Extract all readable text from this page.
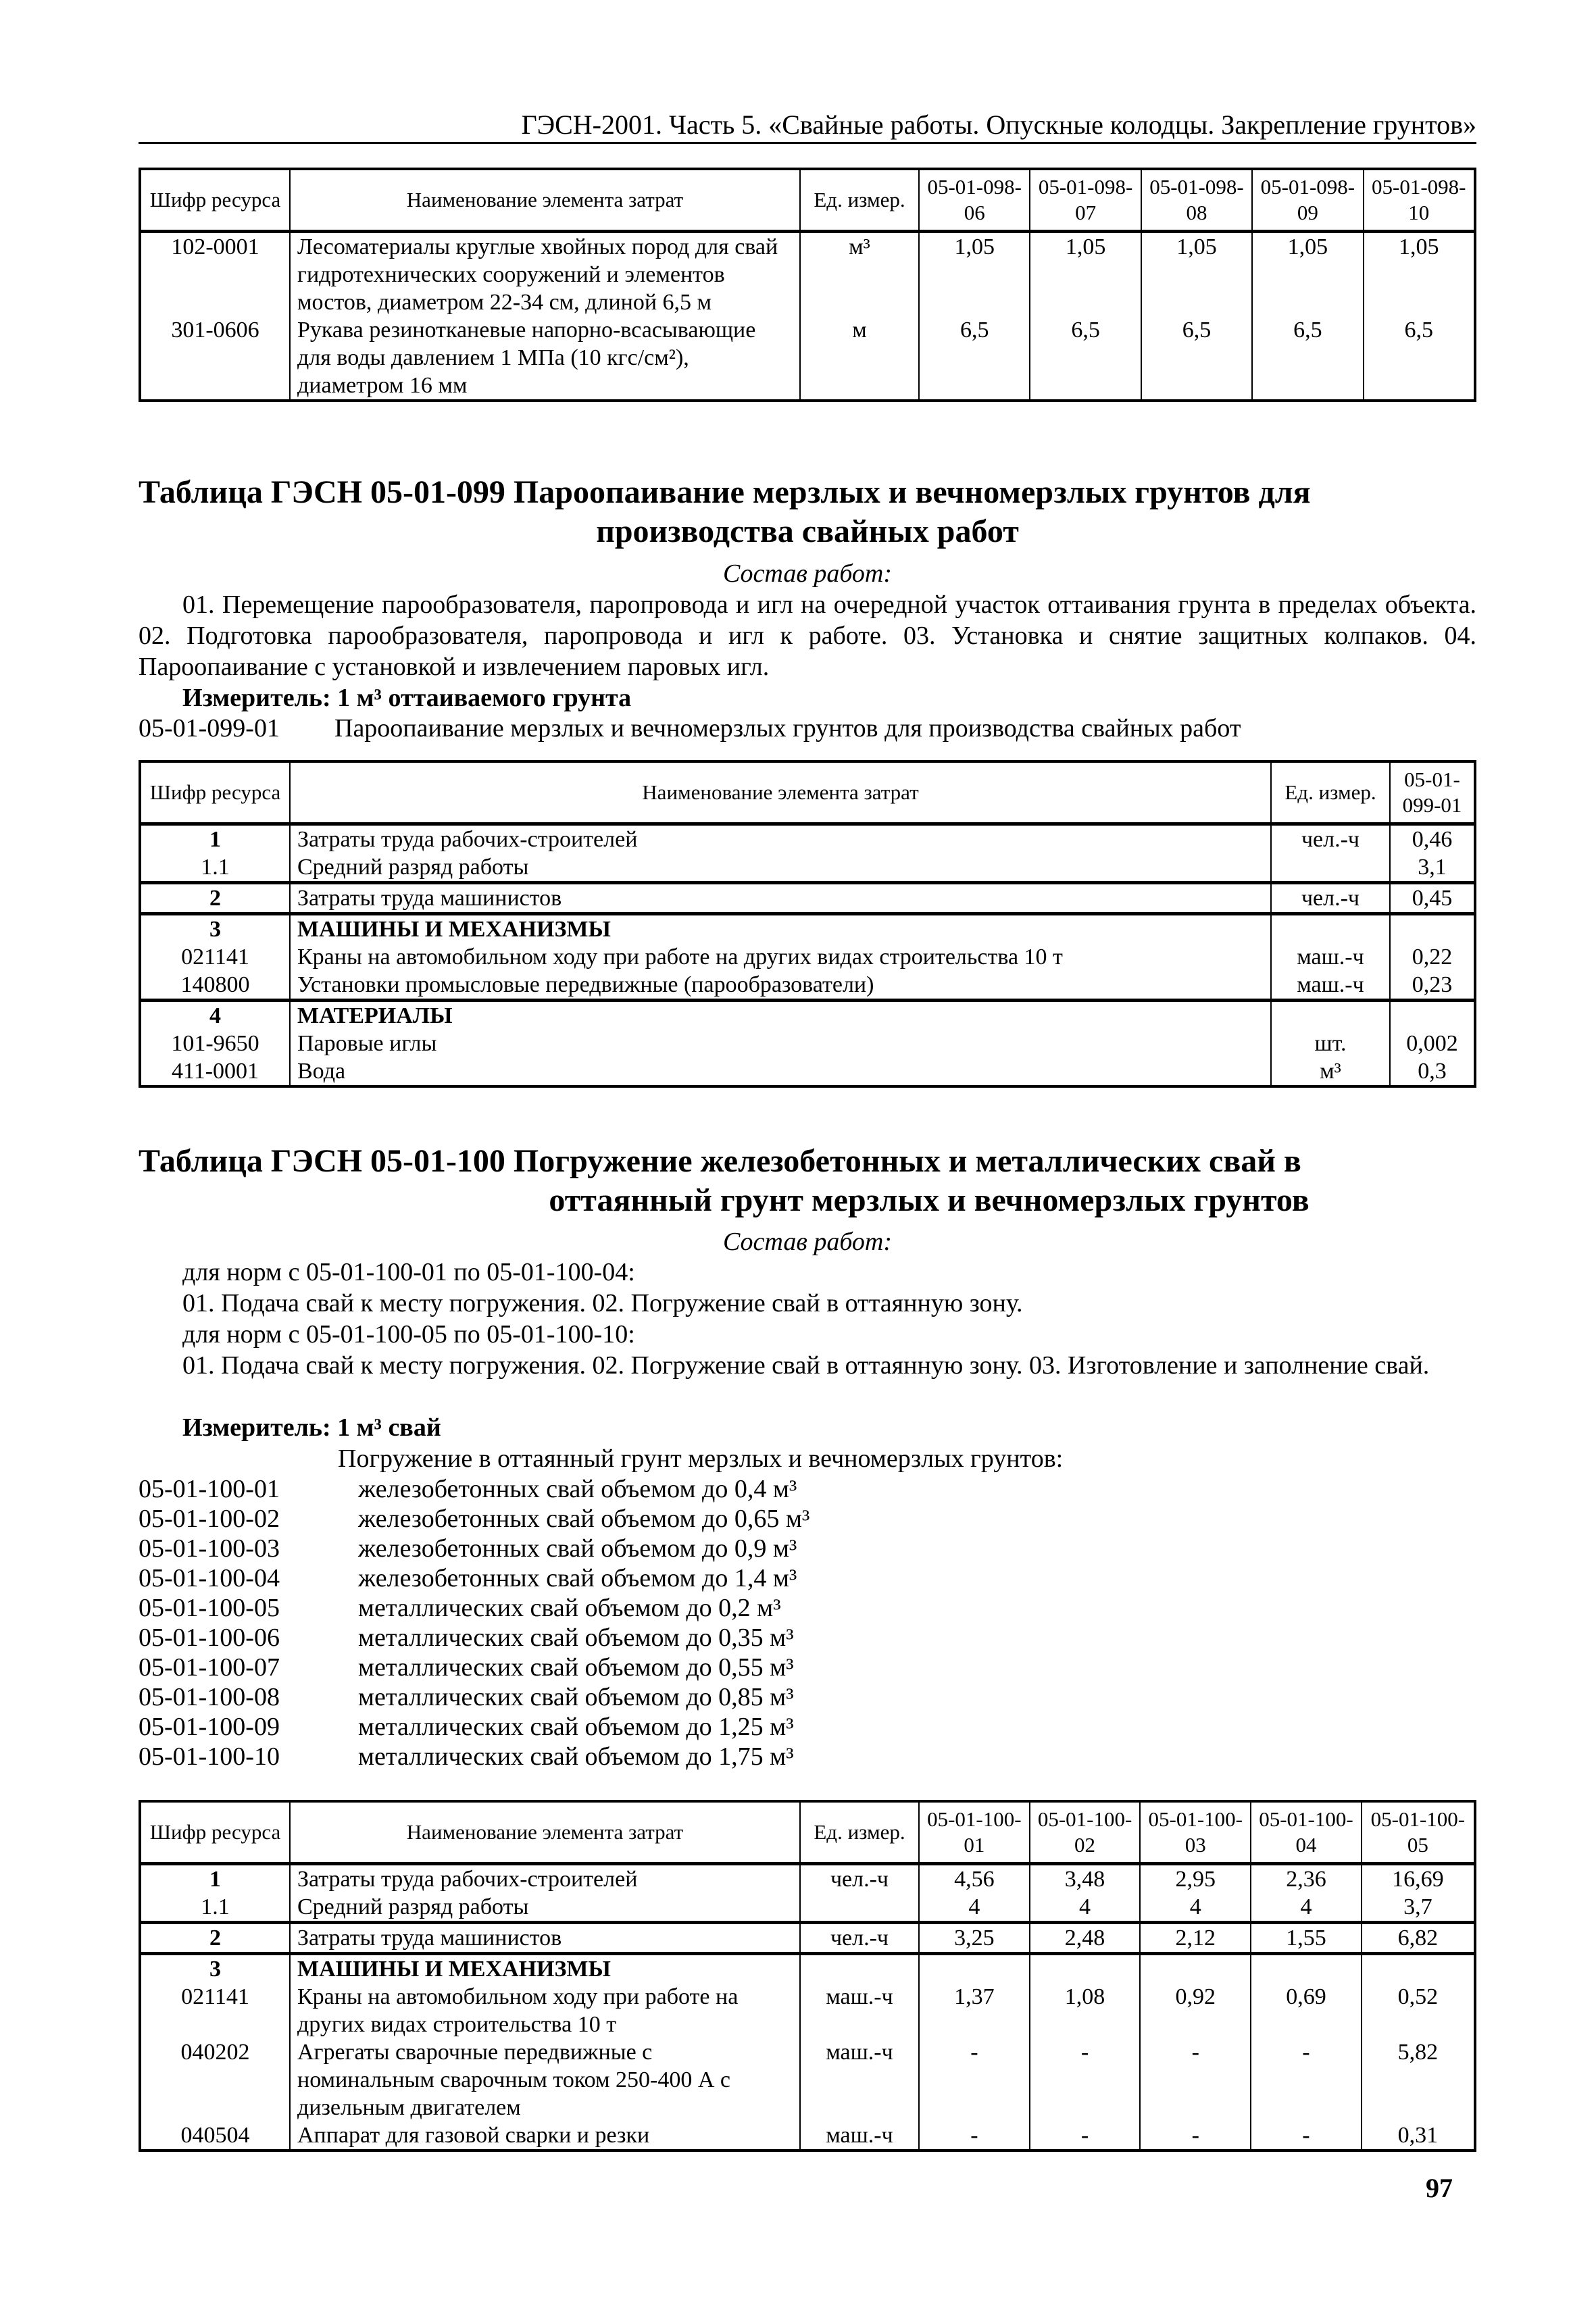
ГЭСН-2001. Часть 5. «Свайные работы. Опускные колодцы. Закрепление грунтов»
Шифр ресурса	Наименование элемента затрат	Ед. измер.	05-01-098-06	05-01-098-07	05-01-098-08	05-01-098-09	05-01-098-10
102-0001	Лесоматериалы круглые хвойных пород для свай гидротехнических сооружений и элементов мостов, диаметром 22-34 см, длиной 6,5 м	м³	1,05	1,05	1,05	1,05	1,05
301-0606	Рукава резинотканевые напорно-всасывающие для воды давлением 1 МПа (10 кгс/см²), диаметром 16 мм	м	6,5	6,5	6,5	6,5	6,5
Таблица ГЭСН 05-01-099 Пароопаивание мерзлых и вечномерзлых грунтов для
производства свайных работ
Состав работ:
01. Перемещение парообразователя, паропровода и игл на очередной участок оттаивания грунта в пределах объекта. 02. Подготовка парообразователя, паропровода и игл к работе. 03. Установка и снятие защитных колпаков. 04. Пароопаивание с установкой и извлечением паровых игл.
Измеритель: 1 м³ оттаиваемого грунта
05-01-099-01 Пароопаивание мерзлых и вечномерзлых грунтов для производства свайных работ
Шифр ресурса	Наименование элемента затрат	Ед. измер.	05-01-099-01
1	Затраты труда рабочих-строителей	чел.-ч	0,46
1.1	Средний разряд работы		3,1
2	Затраты труда машинистов	чел.-ч	0,45
3	МАШИНЫ И МЕХАНИЗМЫ		
021141	Краны на автомобильном ходу при работе на других видах строительства 10 т	маш.-ч	0,22
140800	Установки промысловые передвижные (парообразователи)	маш.-ч	0,23
4	МАТЕРИАЛЫ		
101-9650	Паровые иглы	шт.	0,002
411-0001	Вода	м³	0,3
Таблица ГЭСН 05-01-100 Погружение железобетонных и металлических свай в
оттаянный грунт мерзлых и вечномерзлых грунтов
Состав работ:
для норм с 05-01-100-01 по 05-01-100-04:
01. Подача свай к месту погружения. 02. Погружение свай в оттаянную зону.
для норм с 05-01-100-05 по 05-01-100-10:
01. Подача свай к месту погружения. 02. Погружение свай в оттаянную зону. 03. Изготовление и заполнение свай.
Измеритель: 1 м³ свай
Погружение в оттаянный грунт мерзлых и вечномерзлых грунтов:
05-01-100-01	железобетонных свай объемом до 0,4 м³
05-01-100-02	железобетонных свай объемом до 0,65 м³
05-01-100-03	железобетонных свай объемом до 0,9 м³
05-01-100-04	железобетонных свай объемом до 1,4 м³
05-01-100-05	металлических свай объемом до 0,2 м³
05-01-100-06	металлических свай объемом до 0,35 м³
05-01-100-07	металлических свай объемом до 0,55 м³
05-01-100-08	металлических свай объемом до 0,85 м³
05-01-100-09	металлических свай объемом до 1,25 м³
05-01-100-10	металлических свай объемом до 1,75 м³
Шифр ресурса	Наименование элемента затрат	Ед. измер.	05-01-100-01	05-01-100-02	05-01-100-03	05-01-100-04	05-01-100-05
1	Затраты труда рабочих-строителей	чел.-ч	4,56	3,48	2,95	2,36	16,69
1.1	Средний разряд работы		4	4	4	4	3,7
2	Затраты труда машинистов	чел.-ч	3,25	2,48	2,12	1,55	6,82
3	МАШИНЫ И МЕХАНИЗМЫ						
021141	Краны на автомобильном ходу при работе на других видах строительства 10 т	маш.-ч	1,37	1,08	0,92	0,69	0,52
040202	Агрегаты сварочные передвижные с номинальным сварочным током 250-400 А с дизельным двигателем	маш.-ч	-	-	-	-	5,82
040504	Аппарат для газовой сварки и резки	маш.-ч	-	-	-	-	0,31
97
